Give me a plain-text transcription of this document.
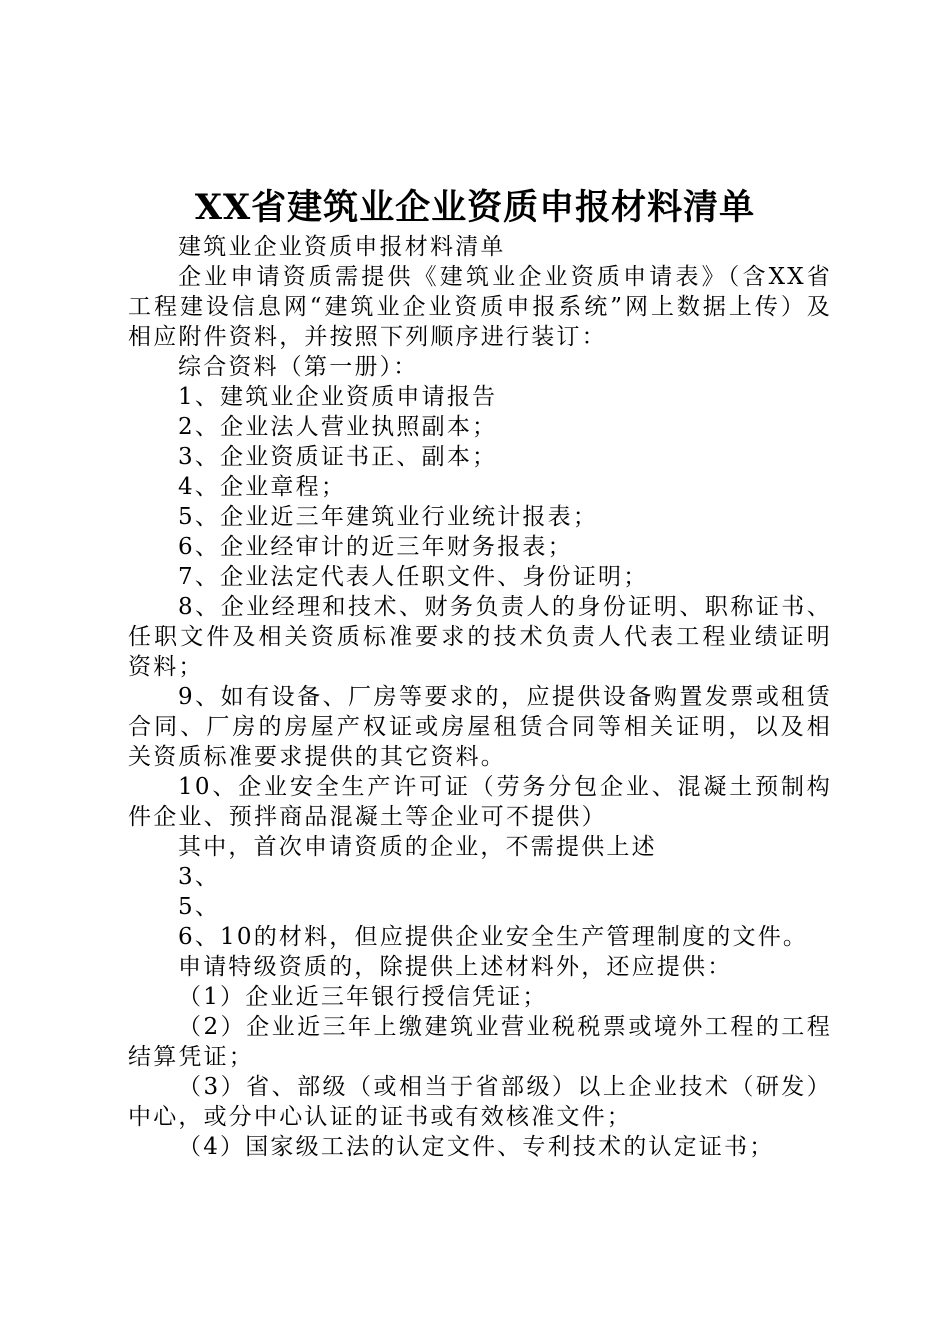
XX省建筑业企业资质申报材料清单

建筑业企业资质申报材料清单

企业申请资质需提供《建筑业企业资质申请表》（含XX省工程建设信息网“建筑业企业资质申报系统”网上数据上传）及相应附件资料，并按照下列顺序进行装订：

综合资料（第一册）：

1、建筑业企业资质申请报告

2、企业法人营业执照副本；

3、企业资质证书正、副本；

4、企业章程；

5、企业近三年建筑业行业统计报表；

6、企业经审计的近三年财务报表；

7、企业法定代表人任职文件、身份证明；

8、企业经理和技术、财务负责人的身份证明、职称证书、任职文件及相关资质标准要求的技术负责人代表工程业绩证明资料；

9、如有设备、厂房等要求的，应提供设备购置发票或租赁合同、厂房的房屋产权证或房屋租赁合同等相关证明，以及相关资质标准要求提供的其它资料。

10、企业安全生产许可证（劳务分包企业、混凝土预制构件企业、预拌商品混凝土等企业可不提供）

其中，首次申请资质的企业，不需提供上述

3、

5、

6、10的材料，但应提供企业安全生产管理制度的文件。

申请特级资质的，除提供上述材料外，还应提供：

（1）企业近三年银行授信凭证；

（2）企业近三年上缴建筑业营业税税票或境外工程的工程结算凭证；

（3）省、部级（或相当于省部级）以上企业技术（研发）中心，或分中心认证的证书或有效核准文件；

（4）国家级工法的认定文件、专利技术的认定证书；
